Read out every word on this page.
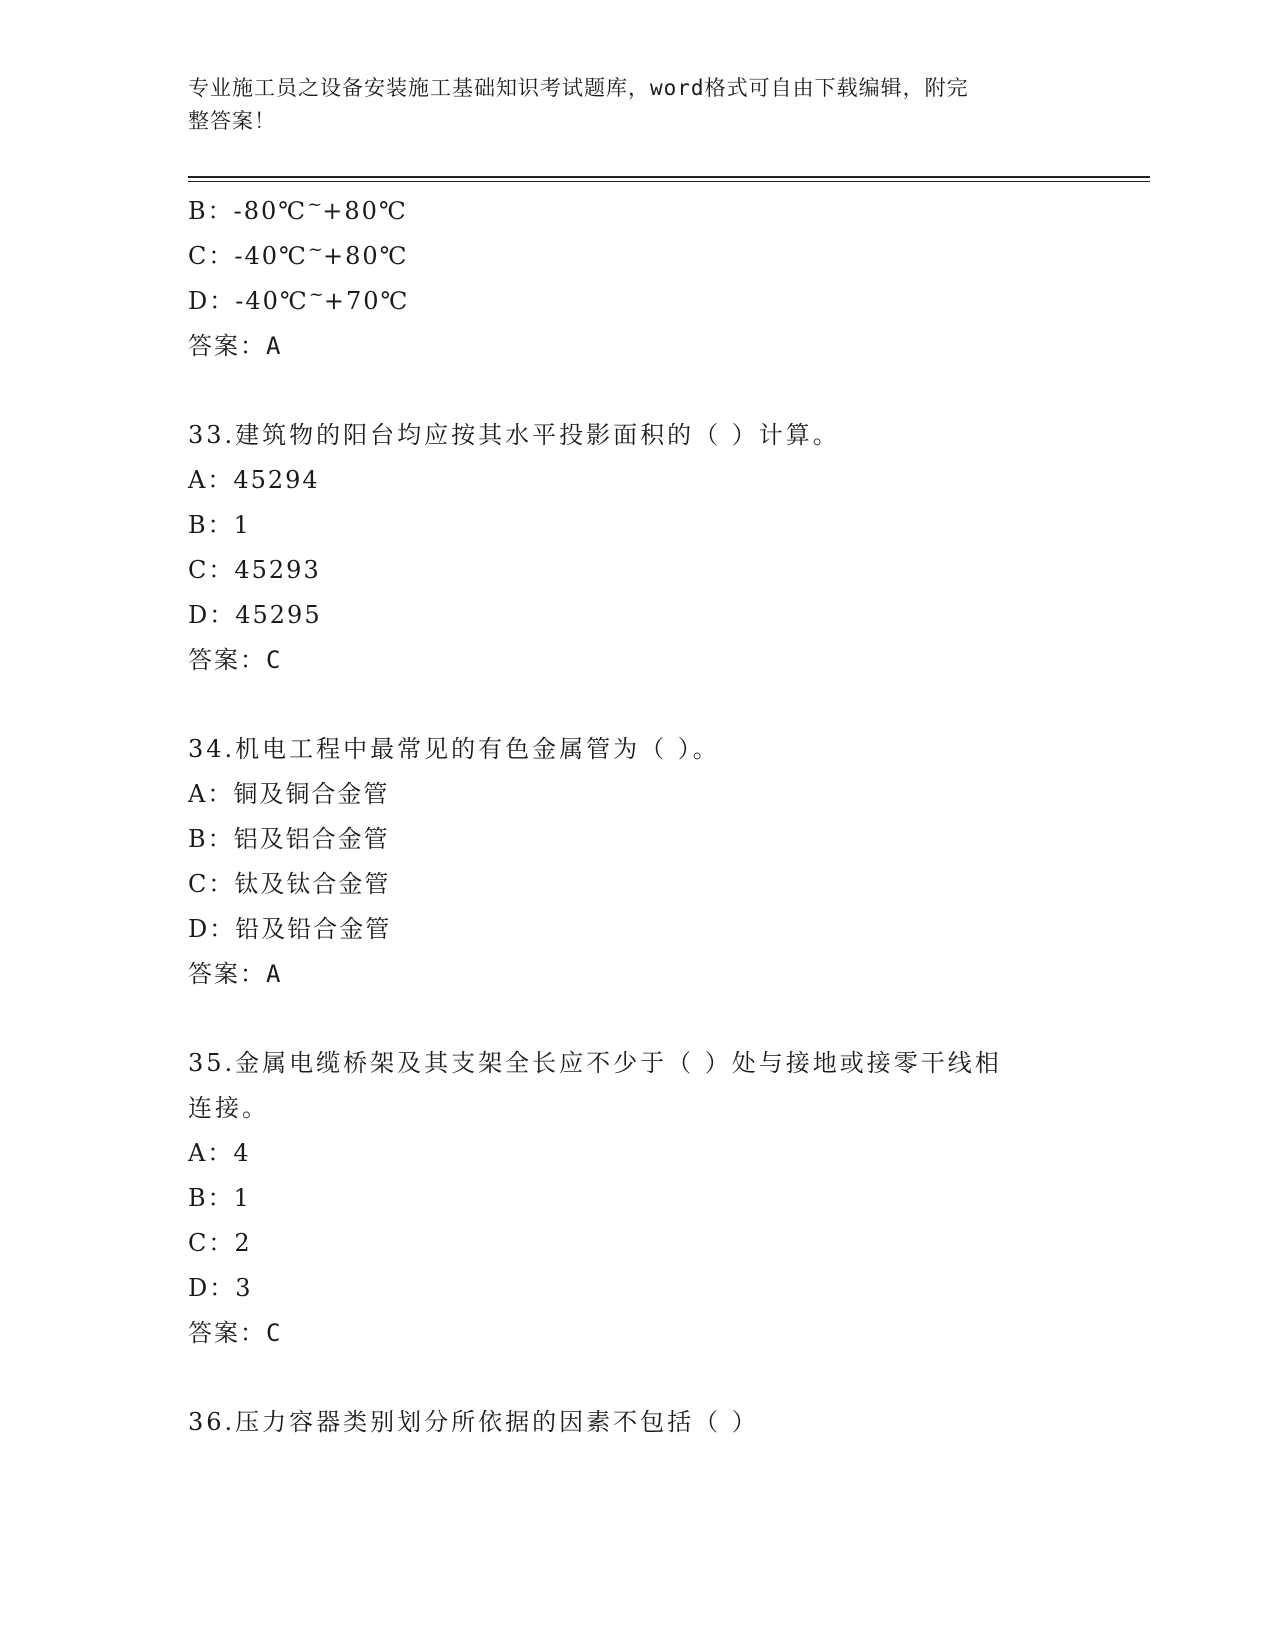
专业施工员之设备安装施工基础知识考试题库，word格式可自由下载编辑，附完
整答案！
B：-80℃~+80℃
C：-40℃~+80℃
D：-40℃~+70℃
答案：A
33.建筑物的阳台均应按其水平投影面积的（ ）计算。
A：45294
B：1
C：45293
D：45295
答案：C
34.机电工程中最常见的有色金属管为（ ）。
A：铜及铜合金管
B：铝及铝合金管
C：钛及钛合金管
D：铅及铅合金管
答案：A
35.金属电缆桥架及其支架全长应不少于（ ）处与接地或接零干线相
连接。
A：4
B：1
C：2
D：3
答案：C
36.压力容器类别划分所依据的因素不包括（ ）
